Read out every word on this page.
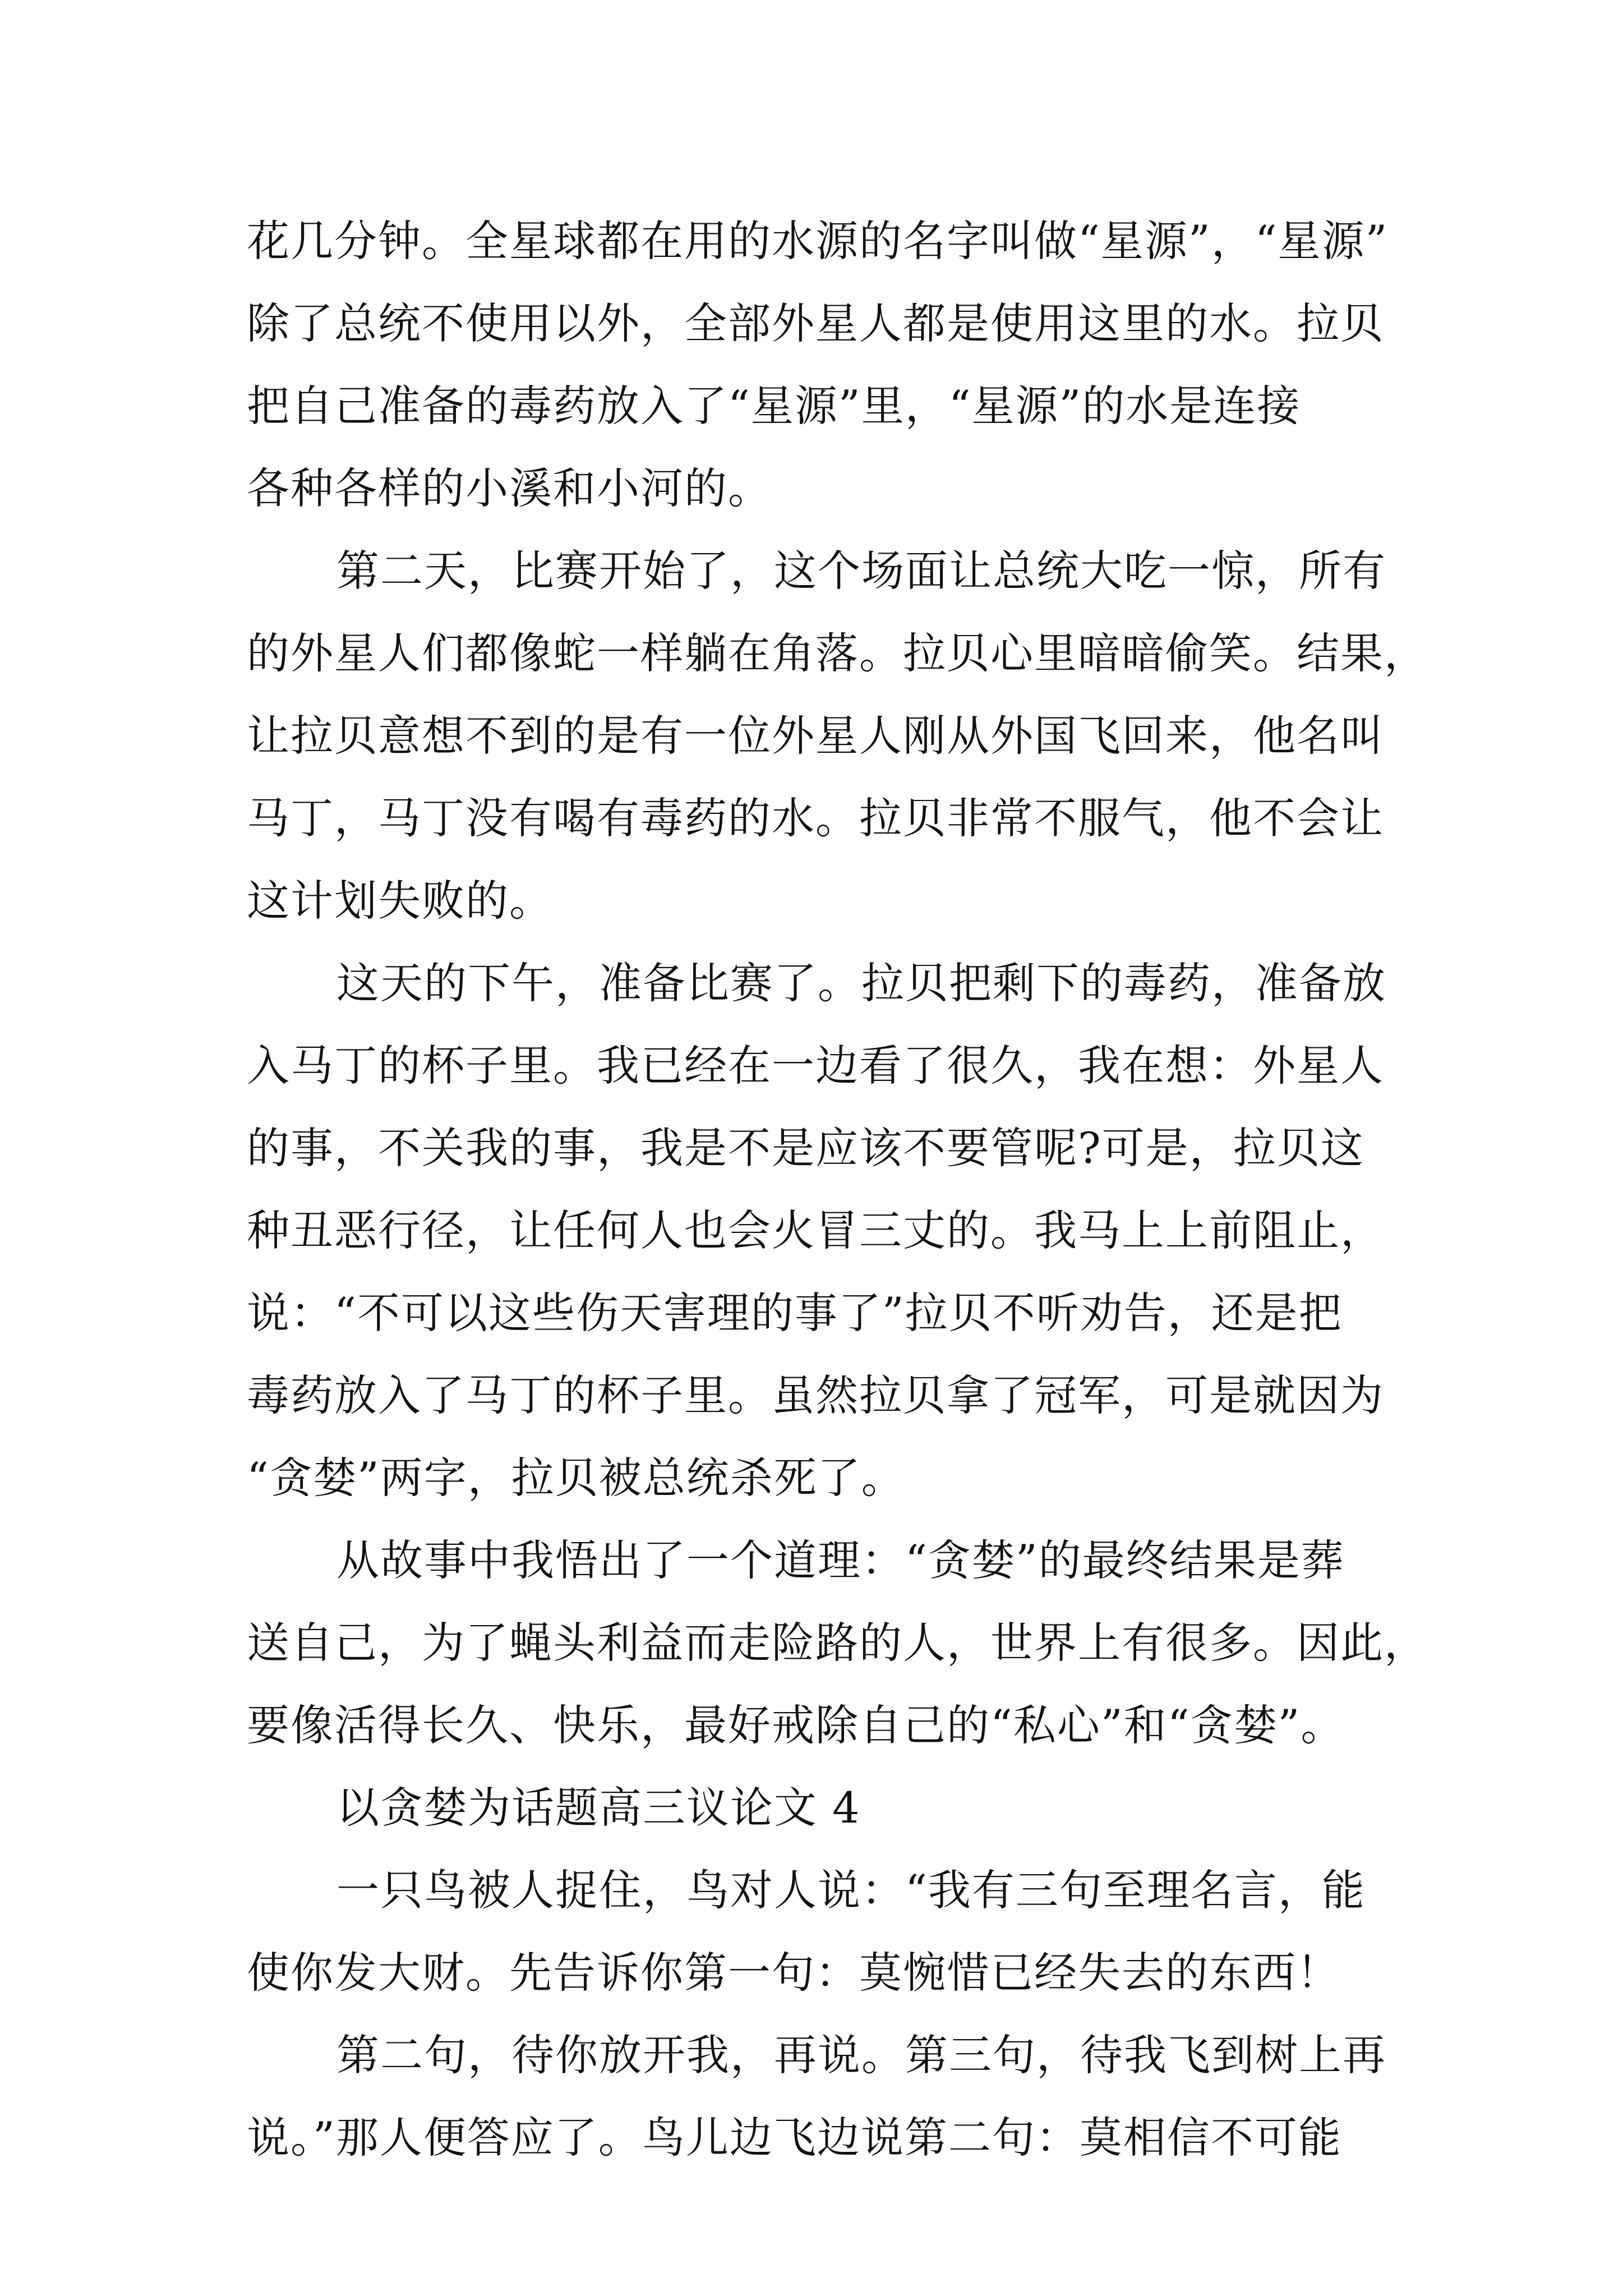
花几分钟。全星球都在用的水源的名字叫做“星源”，“星源”
除了总统不使用以外，全部外星人都是使用这里的水。拉贝
把自己准备的毒药放入了“星源”里，“星源”的水是连接
各种各样的小溪和小河的。
第二天，比赛开始了，这个场面让总统大吃一惊，所有
的外星人们都像蛇一样躺在角落。拉贝心里暗暗偷笑。结果，
让拉贝意想不到的是有一位外星人刚从外国飞回来，他名叫
马丁，马丁没有喝有毒药的水。拉贝非常不服气，他不会让
这计划失败的。
这天的下午，准备比赛了。拉贝把剩下的毒药，准备放
入马丁的杯子里。我已经在一边看了很久，我在想：外星人
的事，不关我的事，我是不是应该不要管呢?可是，拉贝这
种丑恶行径，让任何人也会火冒三丈的。我马上上前阻止，
说：“不可以这些伤天害理的事了”拉贝不听劝告，还是把
毒药放入了马丁的杯子里。虽然拉贝拿了冠军，可是就因为
“贪婪”两字，拉贝被总统杀死了。
从故事中我悟出了一个道理：“贪婪”的最终结果是葬
送自己，为了蝇头利益而走险路的人，世界上有很多。因此，
要像活得长久、快乐，最好戒除自己的“私心”和“贪婪”。
以贪婪为话题高三议论文 4
一只鸟被人捉住，鸟对人说：“我有三句至理名言，能
使你发大财。先告诉你第一句：莫惋惜已经失去的东西！
第二句，待你放开我，再说。第三句，待我飞到树上再
说。”那人便答应了。鸟儿边飞边说第二句：莫相信不可能
